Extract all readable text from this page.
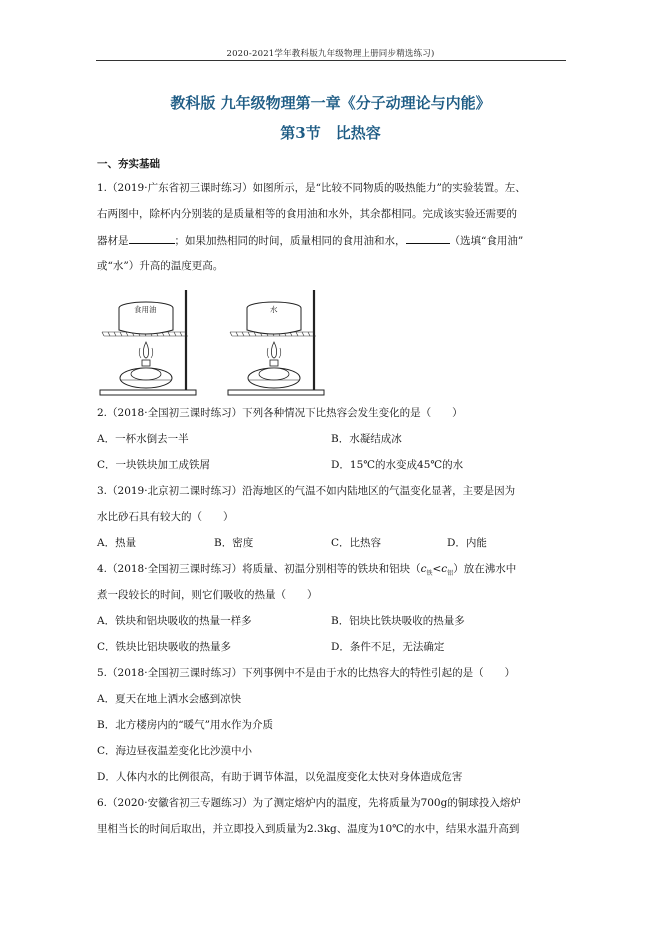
2020-2021学年教科版九年级物理上册同步精选练习)
教科版 九年级物理第一章《分子动理论与内能》
第3节　比热容
一、夯实基础
1.（2019·广东省初三课时练习）如图所示，是“比较不同物质的吸热能力”的实验装置。左、
右两图中，除杯内分别装的是质量相等的食用油和水外，其余都相同。完成该实验还需要的
器材是	；如果加热相同的时间，质量相同的食用油和水，	（选填“食用油”
或“水”）升高的温度更高。
食用油	水
2.（2018·全国初三课时练习）下列各种情况下比热容会发生变化的是（　　）
A．一杯水倒去一半	B．水凝结成冰
C．一块铁块加工成铁屑	D．15℃的水变成45℃的水
3.（2019·北京初二课时练习）沿海地区的气温不如内陆地区的气温变化显著，主要是因为
水比砂石具有较大的（　　）
A．热量	B．密度	C．比热容	D．内能
4.（2018·全国初三课时练习）将质量、初温分别相等的铁块和铝块$(c_铁<c_铝)$放在沸水中
煮一段较长的时间，则它们吸收的热量（　　）
A．铁块和铝块吸收的热量一样多	B．铝块比铁块吸收的热量多
C．铁块比铝块吸收的热量多	D．条件不足，无法确定
5.（2018·全国初三课时练习）下列事例中不是由于水的比热容大的特性引起的是（　　）
A．夏天在地上洒水会感到凉快
B．北方楼房内的“暖气”用水作为介质
C．海边昼夜温差变化比沙漠中小
D．人体内水的比例很高，有助于调节体温，以免温度变化太快对身体造成危害
6.（2020·安徽省初三专题练习）为了测定熔炉内的温度，先将质量为700g的铜球投入熔炉
里相当长的时间后取出，并立即投入到质量为2.3kg、温度为10℃的水中，结果水温升高到
